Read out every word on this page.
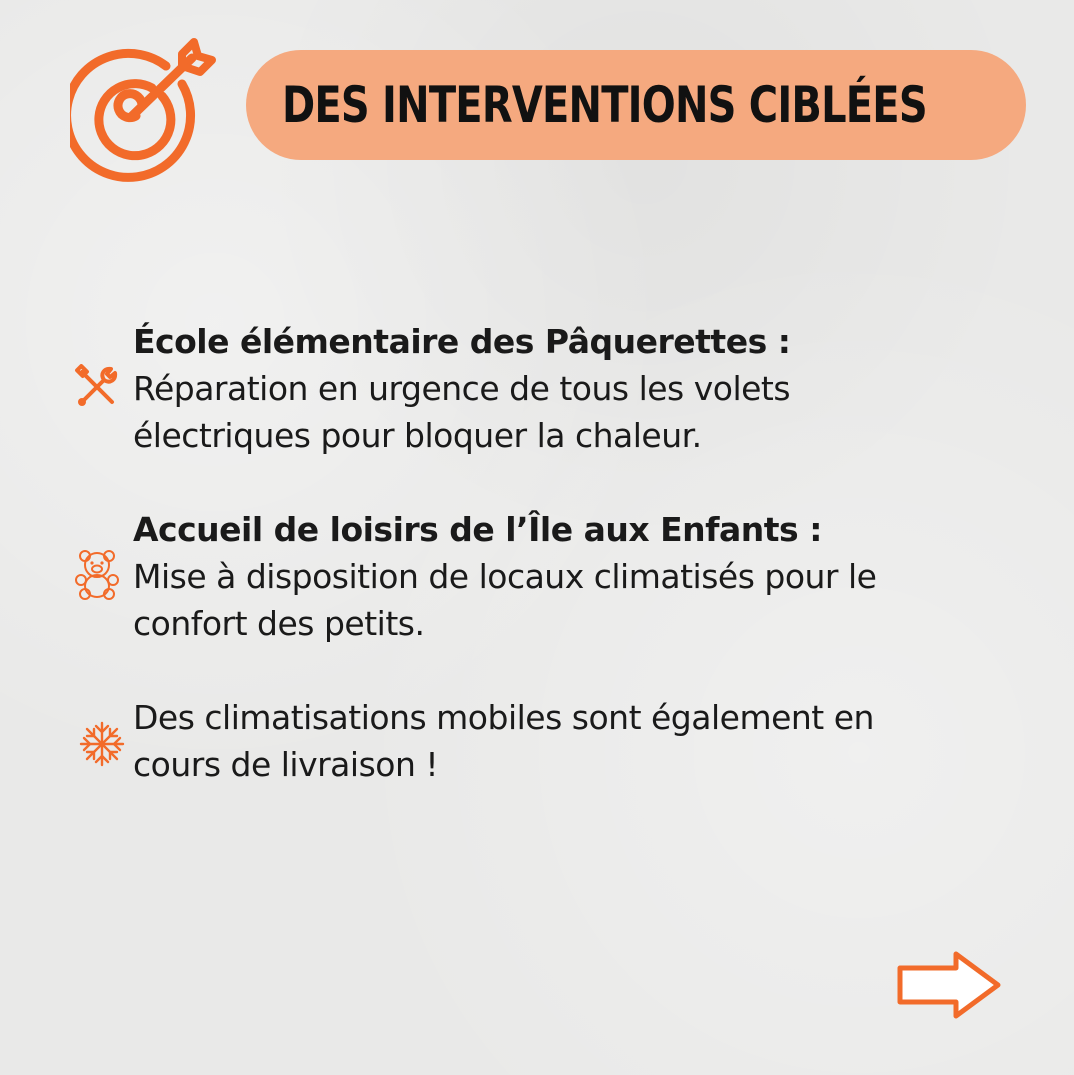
DES INTERVENTIONS CIBLÉES
École élémentaire des Pâquerettes :
Réparation en urgence de tous les volets électriques pour bloquer la chaleur.
Accueil de loisirs de l’Île aux Enfants :
Mise à disposition de locaux climatisés pour le confort des petits.
Des climatisations mobiles sont également en cours de livraison !
